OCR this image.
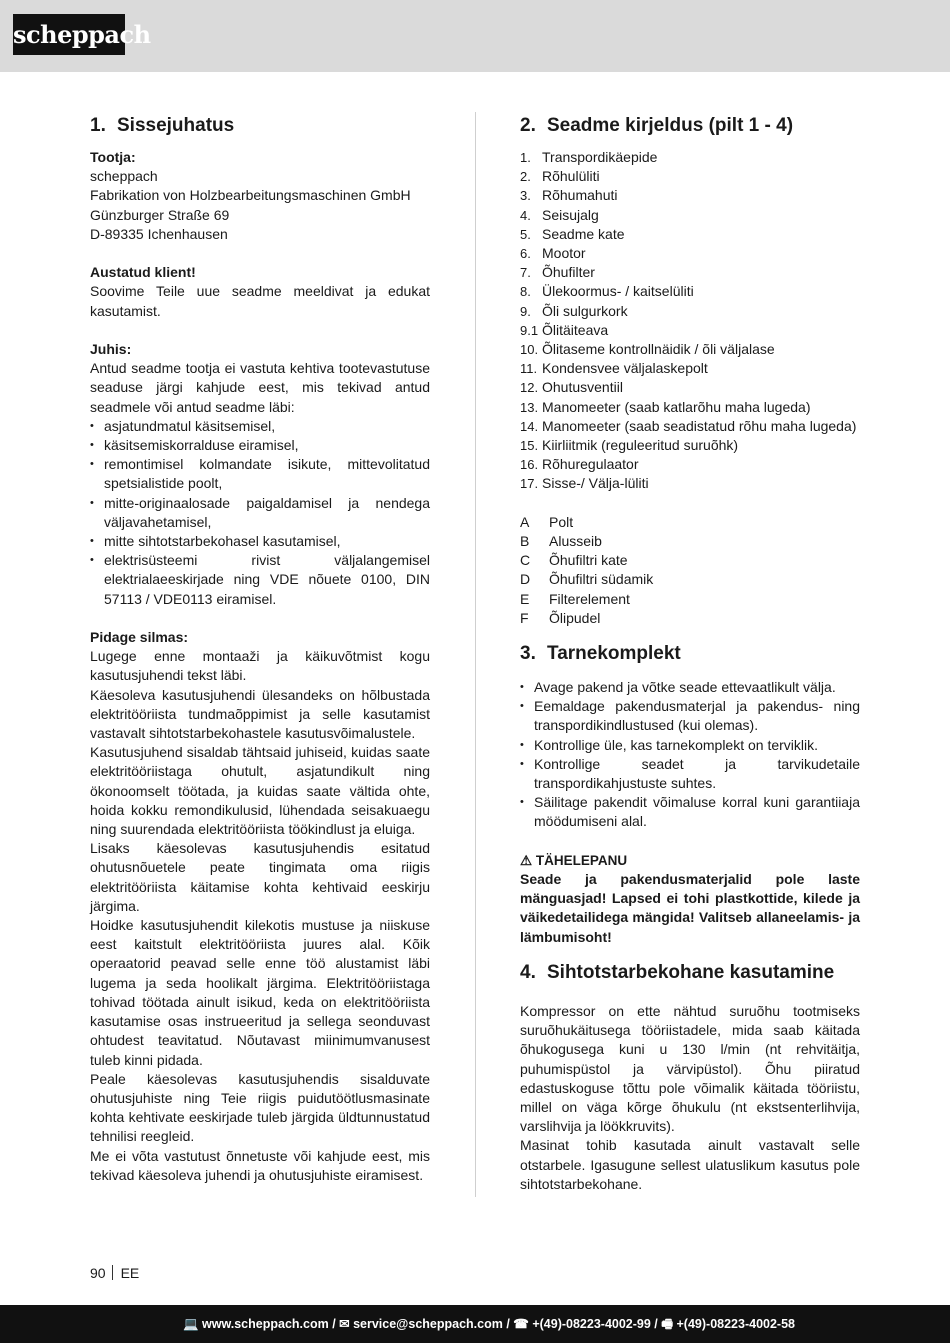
scheppach
1. Sissejuhatus
Tootja:
scheppach
Fabrikation von Holzbearbeitungsmaschinen GmbH
Günzburger Straße 69
D-89335 Ichenhausen
Austatud klient!

Soovime Teile uue seadme meeldivat ja edukat kasutamist.

Juhis:

Antud seadme tootja ei vastuta kehtiva tootevastutuse seaduse järgi kahjude eest, mis tekivad antud seadmele või antud seadme läbi:

• asjatundmatul käsitsemisel,
• käsitsemiskorralduse eiramisel,
• remontimisel kolmandate isikute, mittevolitatud spetsialistide poolt,
• mitte-originaalosade paigaldamisel ja nendega väljavahetamisel,
• mitte sihtotstarbekohasel kasutamisel,
• elektrisüsteemi rivist väljalangemisel elektrialaeeskirjade ning VDE nõuete 0100, DIN 57113 / VDE0113 eiramisel.
Pidage silmas:

Lugege enne montaaži ja käikuvõtmist kogu kasutusjuhendi tekst läbi.

Käesoleva kasutusjuhendi ülesandeks on hõlbustada elektritööriista tundmaõppimist ja selle kasutamist vastavalt sihtotstarbekohastele kasutusvõimalustele.

Kasutusjuhend sisaldab tähtsaid juhiseid, kuidas saate elektritööriistaga ohutult, asjatundikult ning ökonoomselt töötada, ja kuidas saate vältida ohte, hoida kokku remondikulusid, lühendada seisakuaegu ning suurendada elektritööriista töökindlust ja eluiga.

Lisaks käesolevas kasutusjuhendis esitatud ohutusnõuetele peate tingimata oma riigis elektritööriista käitamise kohta kehtivaid eeskirju järgima.

Hoidke kasutusjuhendit kilekotis mustuse ja niiskuse eest kaitstult elektritööriista juures alal. Kõik operaatorid peavad selle enne töö alustamist läbi lugema ja seda hoolikalt järgima. Elektritööriistaga tohivad töötada ainult isikud, keda on elektritööriista kasutamise osas instrueeritud ja sellega seonduvast ohtudest teavitatud. Nõutavast miinimumvanusest tuleb kinni pidada.

Peale käesolevas kasutusjuhendis sisalduvate ohutusjuhiste ning Teie riigis puidutöötlusmasinate kohta kehtivate eeskirjade tuleb järgida üldtunnustatud tehnilisi reegleid.

Me ei võta vastutust õnnetuste või kahjude eest, mis tekivad käesoleva juhendi ja ohutusjuhiste eiramisest.

2. Seadme kirjeldus (pilt 1 - 4)
1. Transpordikäepide
2. Rõhulüliti
3. Rõhumahuti
4. Seisujalg
5. Seadme kate
6. Mootor
7. Õhufilter
8. Ülekoormus- / kaitselüliti
9. Õli sulgurkork
9.1 Õlitäiteava
10. Õlitaseme kontrollnäidik / õli väljalase
11. Kondensvee väljalaskepolt
12. Ohutusventiil
13. Manomeeter (saab katlarõhu maha lugeda)
14. Manomeeter (saab seadistatud rõhu maha lugeda)
15. Kiirliitmik (reguleeritud suruõhk)
16. Rõhuregulaator
17. Sisse-/ Välja-lüliti
A	Polt
B	Alusseib
C	Õhufiltri kate
D	Õhufiltri südamik
E	Filterelement
F	Õlipudel
3. Tarnekomplekt
• Avage pakend ja võtke seade ettevaatlikult välja.
• Eemaldage pakendusmaterjal ja pakendus- ning transpordikindlustused (kui olemas).
• Kontrollige üle, kas tarnekomplekt on terviklik.
• Kontrollige seadet ja tarvikudetaile transpordikahjustuste suhtes.
• Säilitage pakendit võimaluse korral kuni garantiiaja möödumiseni alal.
⚠ TÄHELEPANU

Seade ja pakendusmaterjalid pole laste mänguasjad! Lapsed ei tohi plastkottide, kilede ja väikedetailidega mängida! Valitseb allaneelamis- ja lämbumisoht!

4. Sihtotstarbekohane kasutamine

Kompressor on ette nähtud suruõhu tootmiseks suruõhukäitusega tööriistadele, mida saab käitada õhukogusega kuni u 130 l/min (nt rehvitäitja, puhumispüstol ja värvipüstol). Õhu piiratud edastuskoguse tõttu pole võimalik käitada tööriistu, millel on väga kõrge õhukulu (nt ekstsenterlihvija, varslihvija ja löökkruvits).

Masinat tohib kasutada ainult vastavalt selle otstarbele. Igasugune sellest ulatuslikum kasutus pole sihtotstarbekohane.

90 EE
💻 www.scheppach.com / ✉ service@scheppach.com / ☎ +(49)-08223-4002-99 / 🖷 +(49)-08223-4002-58
